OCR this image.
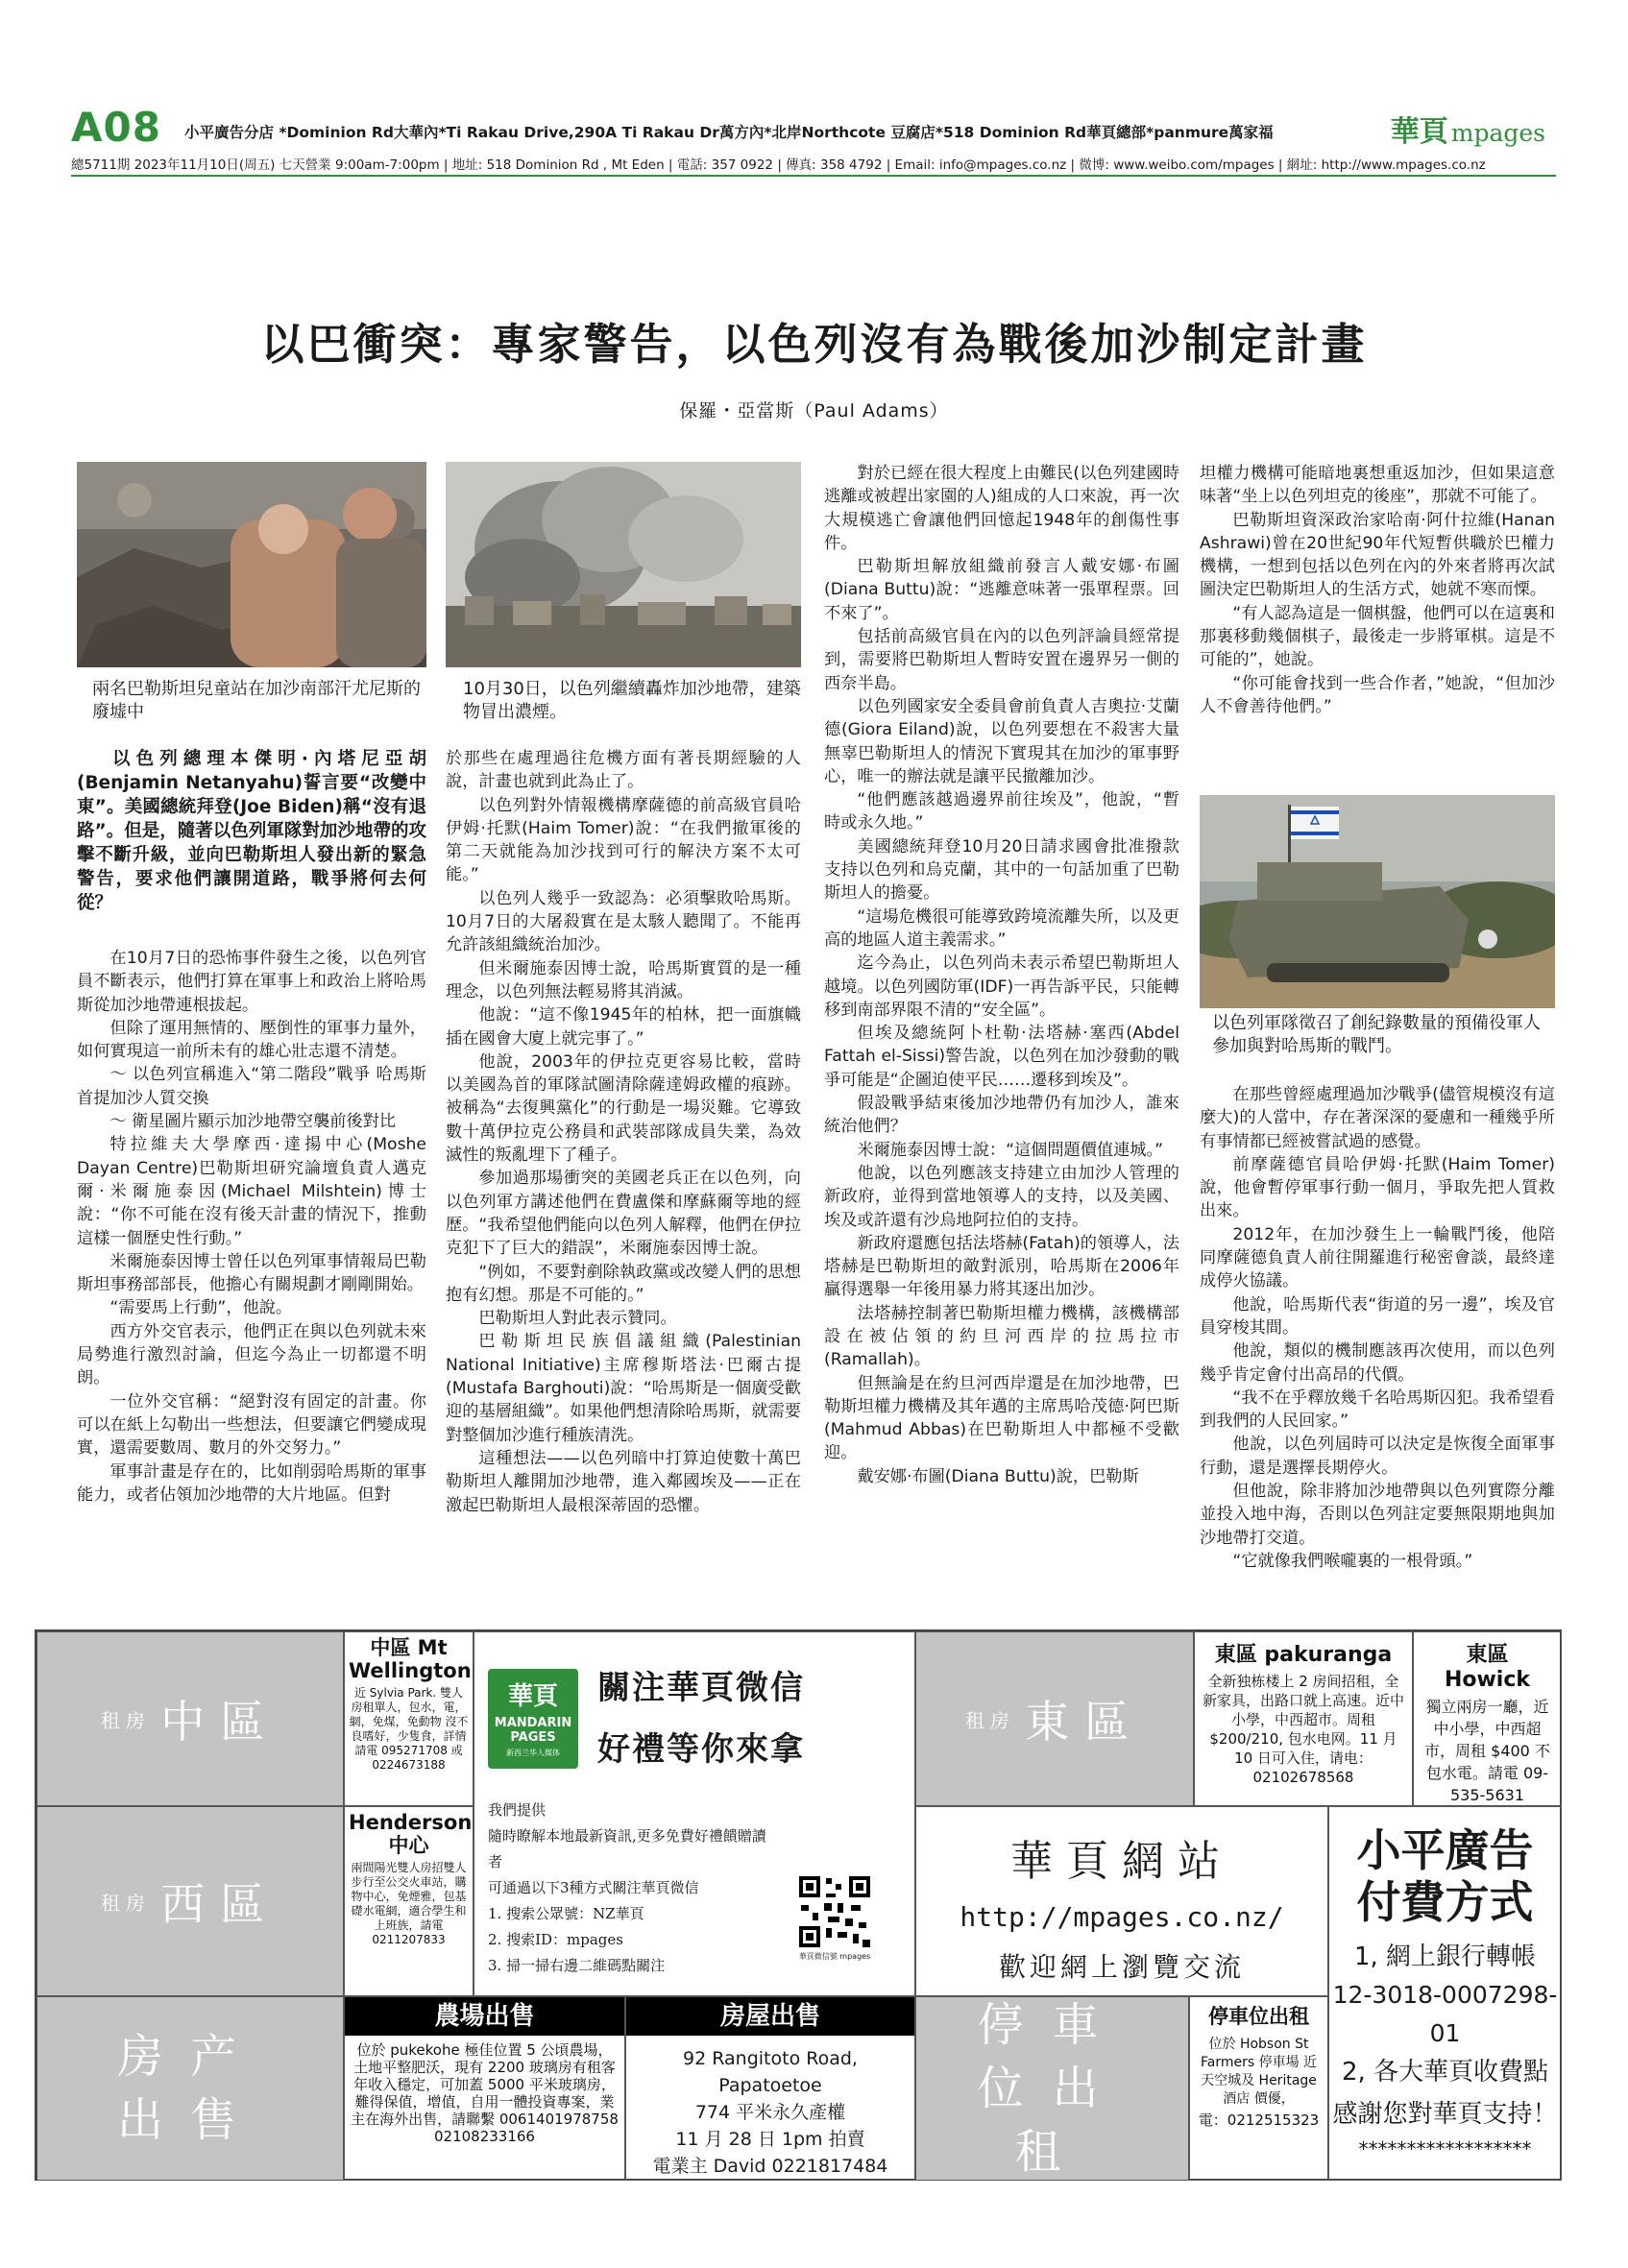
A08 小平廣告分店 *Dominion Rd大華內*Ti Rakau Drive,290A Ti Rakau Dr萬方內*北岸Northcote 豆腐店*518 Dominion Rd華頁總部*panmure萬家福	華頁 mpages
總5711期 2023年11月10日(周五) 七天營業 9:00am-7:00pm | 地址: 518 Dominion Rd , Mt Eden | 電話: 357 0922 | 傳真: 358 4792 | Email: info@mpages.co.nz | 微博: www.weibo.com/mpages | 網址: http://www.mpages.co.nz
以巴衝突：專家警告，以色列沒有為戰後加沙制定計畫
保羅・亞當斯（Paul Adams）
兩名巴勒斯坦兒童站在加沙南部汗尤尼斯的廢墟中
10月30日，以色列繼續轟炸加沙地帶，建築物冒出濃煙。
以色列總理本傑明·內塔尼亞胡(Benjamin Netanyahu)誓言要“改變中東”。美國總統拜登(Joe Biden)稱“沒有退路”。但是，隨著以色列軍隊對加沙地帶的攻擊不斷升級，並向巴勒斯坦人發出新的緊急警告，要求他們讓開道路，戰爭將何去何從？

在10月7日的恐怖事件發生之後，以色列官員不斷表示，他們打算在軍事上和政治上將哈馬斯從加沙地帶連根拔起。

但除了運用無情的、壓倒性的軍事力量外，如何實現這一前所未有的雄心壯志還不清楚。

～ 以色列宣稱進入“第二階段”戰爭 哈馬斯首提加沙人質交換

～ 衛星圖片顯示加沙地帶空襲前後對比

特拉維夫大學摩西·達揚中心(Moshe Dayan Centre)巴勒斯坦研究論壇負責人邁克爾·米爾施泰因(Michael Milshtein)博士說：“你不可能在沒有後天計畫的情況下，推動這樣一個歷史性行動。”

米爾施泰因博士曾任以色列軍事情報局巴勒斯坦事務部部長，他擔心有關規劃才剛剛開始。

“需要馬上行動”，他說。

西方外交官表示，他們正在與以色列就未來局勢進行激烈討論，但迄今為止一切都還不明朗。

一位外交官稱：“絕對沒有固定的計畫。你可以在紙上勾勒出一些想法，但要讓它們變成現實，還需要數周、數月的外交努力。”

軍事計畫是存在的，比如削弱哈馬斯的軍事能力，或者佔領加沙地帶的大片地區。但對

於那些在處理過往危機方面有著長期經驗的人說，計畫也就到此為止了。

以色列對外情報機構摩薩德的前高級官員哈伊姆·托默(Haim Tomer)說：“在我們撤軍後的第二天就能為加沙找到可行的解決方案不太可能。”

以色列人幾乎一致認為：必須擊敗哈馬斯。10月7日的大屠殺實在是太駭人聽聞了。不能再允許該組織統治加沙。

但米爾施泰因博士說，哈馬斯實質的是一種理念，以色列無法輕易將其消滅。

他說：“這不像1945年的柏林，把一面旗幟插在國會大廈上就完事了。”

他說，2003年的伊拉克更容易比較，當時以美國為首的軍隊試圖清除薩達姆政權的痕跡。被稱為“去復興黨化”的行動是一場災難。它導致數十萬伊拉克公務員和武裝部隊成員失業，為效滅性的叛亂埋下了種子。

參加過那場衝突的美國老兵正在以色列，向以色列軍方講述他們在費盧傑和摩蘇爾等地的經歷。“我希望他們能向以色列人解釋，他們在伊拉克犯下了巨大的錯誤”，米爾施泰因博士說。

“例如，不要對剷除執政黨或改變人們的思想抱有幻想。那是不可能的。”

巴勒斯坦人對此表示贊同。

巴勒斯坦民族倡議組織(Palestinian National Initiative)主席穆斯塔法·巴爾古提(Mustafa Barghouti)說：“哈馬斯是一個廣受歡迎的基層組織”。如果他們想清除哈馬斯，就需要對整個加沙進行種族清洗。

這種想法——以色列暗中打算迫使數十萬巴勒斯坦人離開加沙地帶，進入鄰國埃及——正在激起巴勒斯坦人最根深蒂固的恐懼。

對於已經在很大程度上由難民(以色列建國時逃離或被趕出家園的人)組成的人口來說，再一次大規模逃亡會讓他們回憶起1948年的創傷性事件。

巴勒斯坦解放組織前發言人戴安娜·布圖(Diana Buttu)說：“逃離意味著一張單程票。回不來了”。

包括前高級官員在內的以色列評論員經常提到，需要將巴勒斯坦人暫時安置在邊界另一側的西奈半島。

以色列國家安全委員會前負責人吉奧拉·艾蘭德(Giora Eiland)說，以色列要想在不殺害大量無辜巴勒斯坦人的情況下實現其在加沙的軍事野心，唯一的辦法就是讓平民撤離加沙。

“他們應該越過邊界前往埃及”，他說，“暫時或永久地。”

美國總統拜登10月20日請求國會批准撥款支持以色列和烏克蘭，其中的一句話加重了巴勒斯坦人的擔憂。

“這場危機很可能導致跨境流離失所，以及更高的地區人道主義需求。”

迄今為止，以色列尚未表示希望巴勒斯坦人越境。以色列國防軍(IDF)一再告訴平民，只能轉移到南部界限不清的“安全區”。

但埃及總統阿卜杜勒·法塔赫·塞西(Abdel Fattah el-Sissi)警告說，以色列在加沙發動的戰爭可能是“企圖迫使平民……遷移到埃及”。

假設戰爭結束後加沙地帶仍有加沙人，誰來統治他們？

米爾施泰因博士說：“這個問題價值連城。”

他說，以色列應該支持建立由加沙人管理的新政府，並得到當地領導人的支持，以及美國、埃及或許還有沙烏地阿拉伯的支持。

新政府還應包括法塔赫(Fatah)的領導人，法塔赫是巴勒斯坦的敵對派別，哈馬斯在2006年贏得選舉一年後用暴力將其逐出加沙。

法塔赫控制著巴勒斯坦權力機構，該機構部設在被佔領的約旦河西岸的拉馬拉市(Ramallah)。

但無論是在約旦河西岸還是在加沙地帶，巴勒斯坦權力機構及其年邁的主席馬哈茂德·阿巴斯(Mahmud Abbas)在巴勒斯坦人中都極不受歡迎。

戴安娜·布圖(Diana Buttu)說，巴勒斯

坦權力機構可能暗地裏想重返加沙，但如果這意味著“坐上以色列坦克的後座”，那就不可能了。

巴勒斯坦資深政治家哈南·阿什拉維(Hanan Ashrawi)曾在20世紀90年代短暫供職於巴權力機構，一想到包括以色列在內的外來者將再次試圖決定巴勒斯坦人的生活方式，她就不寒而慄。

“有人認為這是一個棋盤，他們可以在這裏和那裏移動幾個棋子，最後走一步將軍棋。這是不可能的”，她說。

“你可能會找到一些合作者，”她說，“但加沙人不會善待他們。”

以色列軍隊徵召了創紀錄數量的預備役軍人參加與對哈馬斯的戰鬥。

在那些曾經處理過加沙戰爭(儘管規模沒有這麼大)的人當中，存在著深深的憂慮和一種幾乎所有事情都已經被嘗試過的感覺。

前摩薩德官員哈伊姆·托默(Haim Tomer)說，他會暫停軍事行動一個月，爭取先把人質救出來。

2012年，在加沙發生上一輪戰鬥後，他陪同摩薩德負責人前往開羅進行秘密會談，最終達成停火協議。

他說，哈馬斯代表“街道的另一邊”，埃及官員穿梭其間。

他說，類似的機制應該再次使用，而以色列幾乎肯定會付出高昂的代價。

“我不在乎釋放幾千名哈馬斯囚犯。我希望看到我們的人民回家。”

他說，以色列屆時可以決定是恢復全面軍事行動，還是選擇長期停火。

但他說，除非將加沙地帶與以色列實際分離並投入地中海，否則以色列註定要無限期地與加沙地帶打交道。

“它就像我們喉嚨裏的一根骨頭。”

租房
中區
中區 Mt Wellington
近 Sylvia Park. 雙人房租單人，包水，電，網，免煤，免動物 沒不良嗜好，少隻食，詳情請電 095271708 或 0224673188
華頁
MANDARIN PAGES
新西兰华人媒体
關注華頁微信
好禮等你來拿
我們提供
隨時瞭解本地最新資訊,更多免費好禮饋贈讀者
可通過以下3種方式關注華頁微信
1. 搜索公眾號：NZ華頁
2. 搜索ID：mpages
3. 掃一掃右邊二維碼點關注
華頁微信號 mpages
租房
東區
東區 pakuranga
全新独栋楼上 2 房间招租，全新家具，出路口就上高速。近中小學，中西超市。周租 $200/210, 包水电网。11 月 10 日可入住，请电：02102678568
東區 Howick
獨立兩房一廳，近中小學，中西超市，周租 $400 不包水電。請電 09-535-5631
租房
西區
Henderson 中心
兩間陽光雙人房招雙人 步行至公交火車站，購物中心，免煙雅，包基礎水電網，適合學生和上班族，請電 0211207833
華頁網站
http://mpages.co.nz/
歡迎網上瀏覽交流
小平廣告
付費方式
1, 網上銀行轉帳
12-3018-0007298-01
2, 各大華頁收費點
感謝您對華頁支持！
******************
房产出售
農場出售
位於 pukekohe 極佳位置 5 公頃農場，土地平整肥沃，現有 2200 玻璃房有租客年收入穩定，可加蓋 5000 平米玻璃房，難得保值，增值，自用一體投資專案，業主在海外出售，請聯繫 0061401978758 02108233166
房屋出售
92 Rangitoto Road,
Papatoetoe
774 平米永久產權
11 月 28 日 1pm 拍賣
電業主 David 0221817484
停車位出租
停車位出租
位於 Hobson St Farmers 停車場 近天空城及 Heritage 酒店 價優，
電：0212515323
